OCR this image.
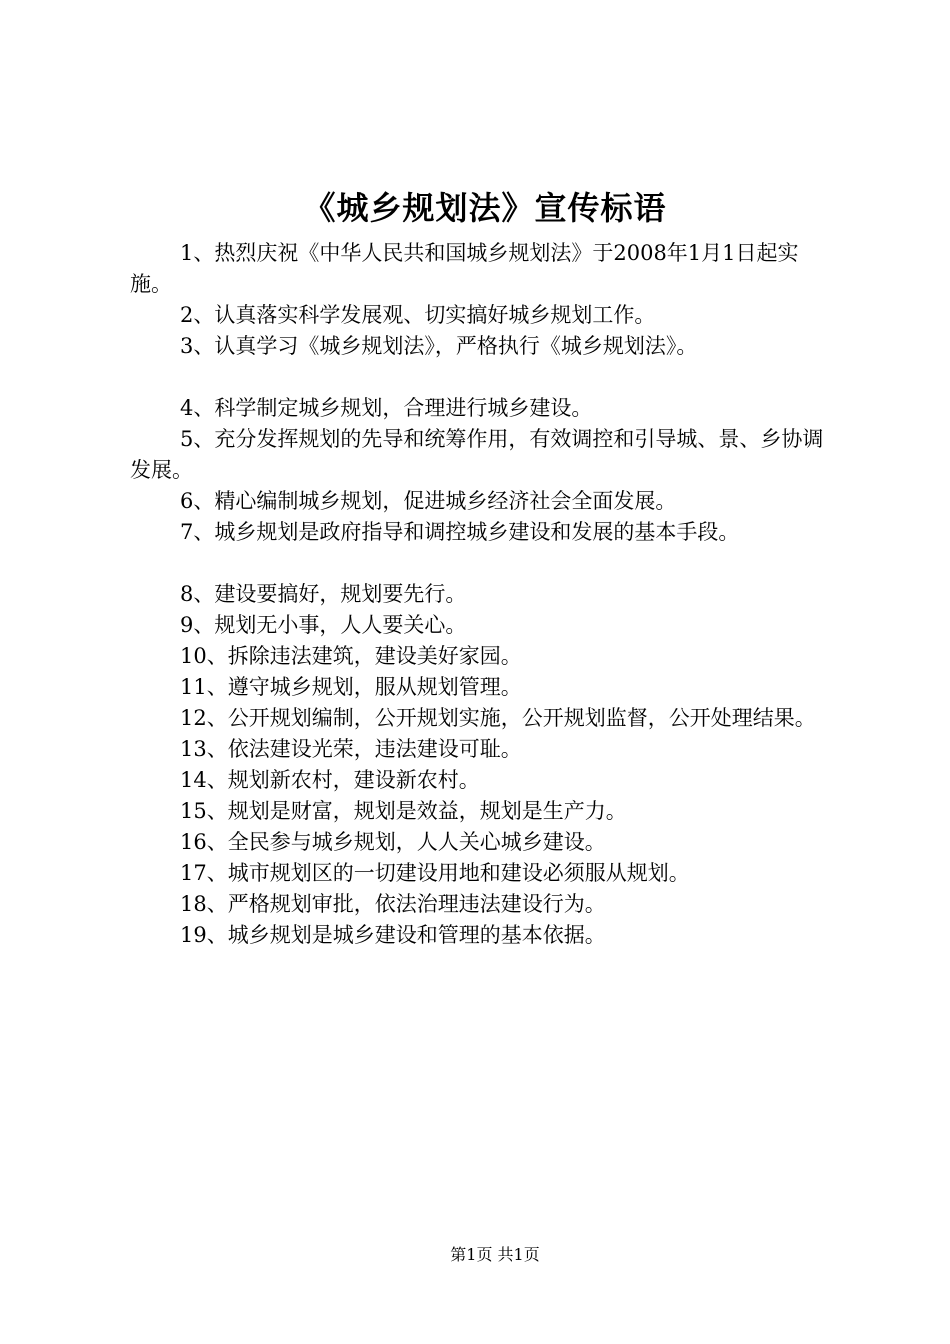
《城乡规划法》宣传标语

1、热烈庆祝《中华人民共和国城乡规划法》于2008年1月1日起实施。

2、认真落实科学发展观、切实搞好城乡规划工作。

3、认真学习《城乡规划法》，严格执行《城乡规划法》。

4、科学制定城乡规划，合理进行城乡建设。

5、充分发挥规划的先导和统筹作用，有效调控和引导城、景、乡协调发展。

6、精心编制城乡规划，促进城乡经济社会全面发展。

7、城乡规划是政府指导和调控城乡建设和发展的基本手段。

8、建设要搞好，规划要先行。

9、规划无小事，人人要关心。

10、拆除违法建筑，建设美好家园。

11、遵守城乡规划，服从规划管理。

12、公开规划编制，公开规划实施，公开规划监督，公开处理结果。

13、依法建设光荣，违法建设可耻。

14、规划新农村，建设新农村。

15、规划是财富，规划是效益，规划是生产力。

16、全民参与城乡规划，人人关心城乡建设。

17、城市规划区的一切建设用地和建设必须服从规划。

18、严格规划审批，依法治理违法建设行为。

19、城乡规划是城乡建设和管理的基本依据。

第1页 共1页
